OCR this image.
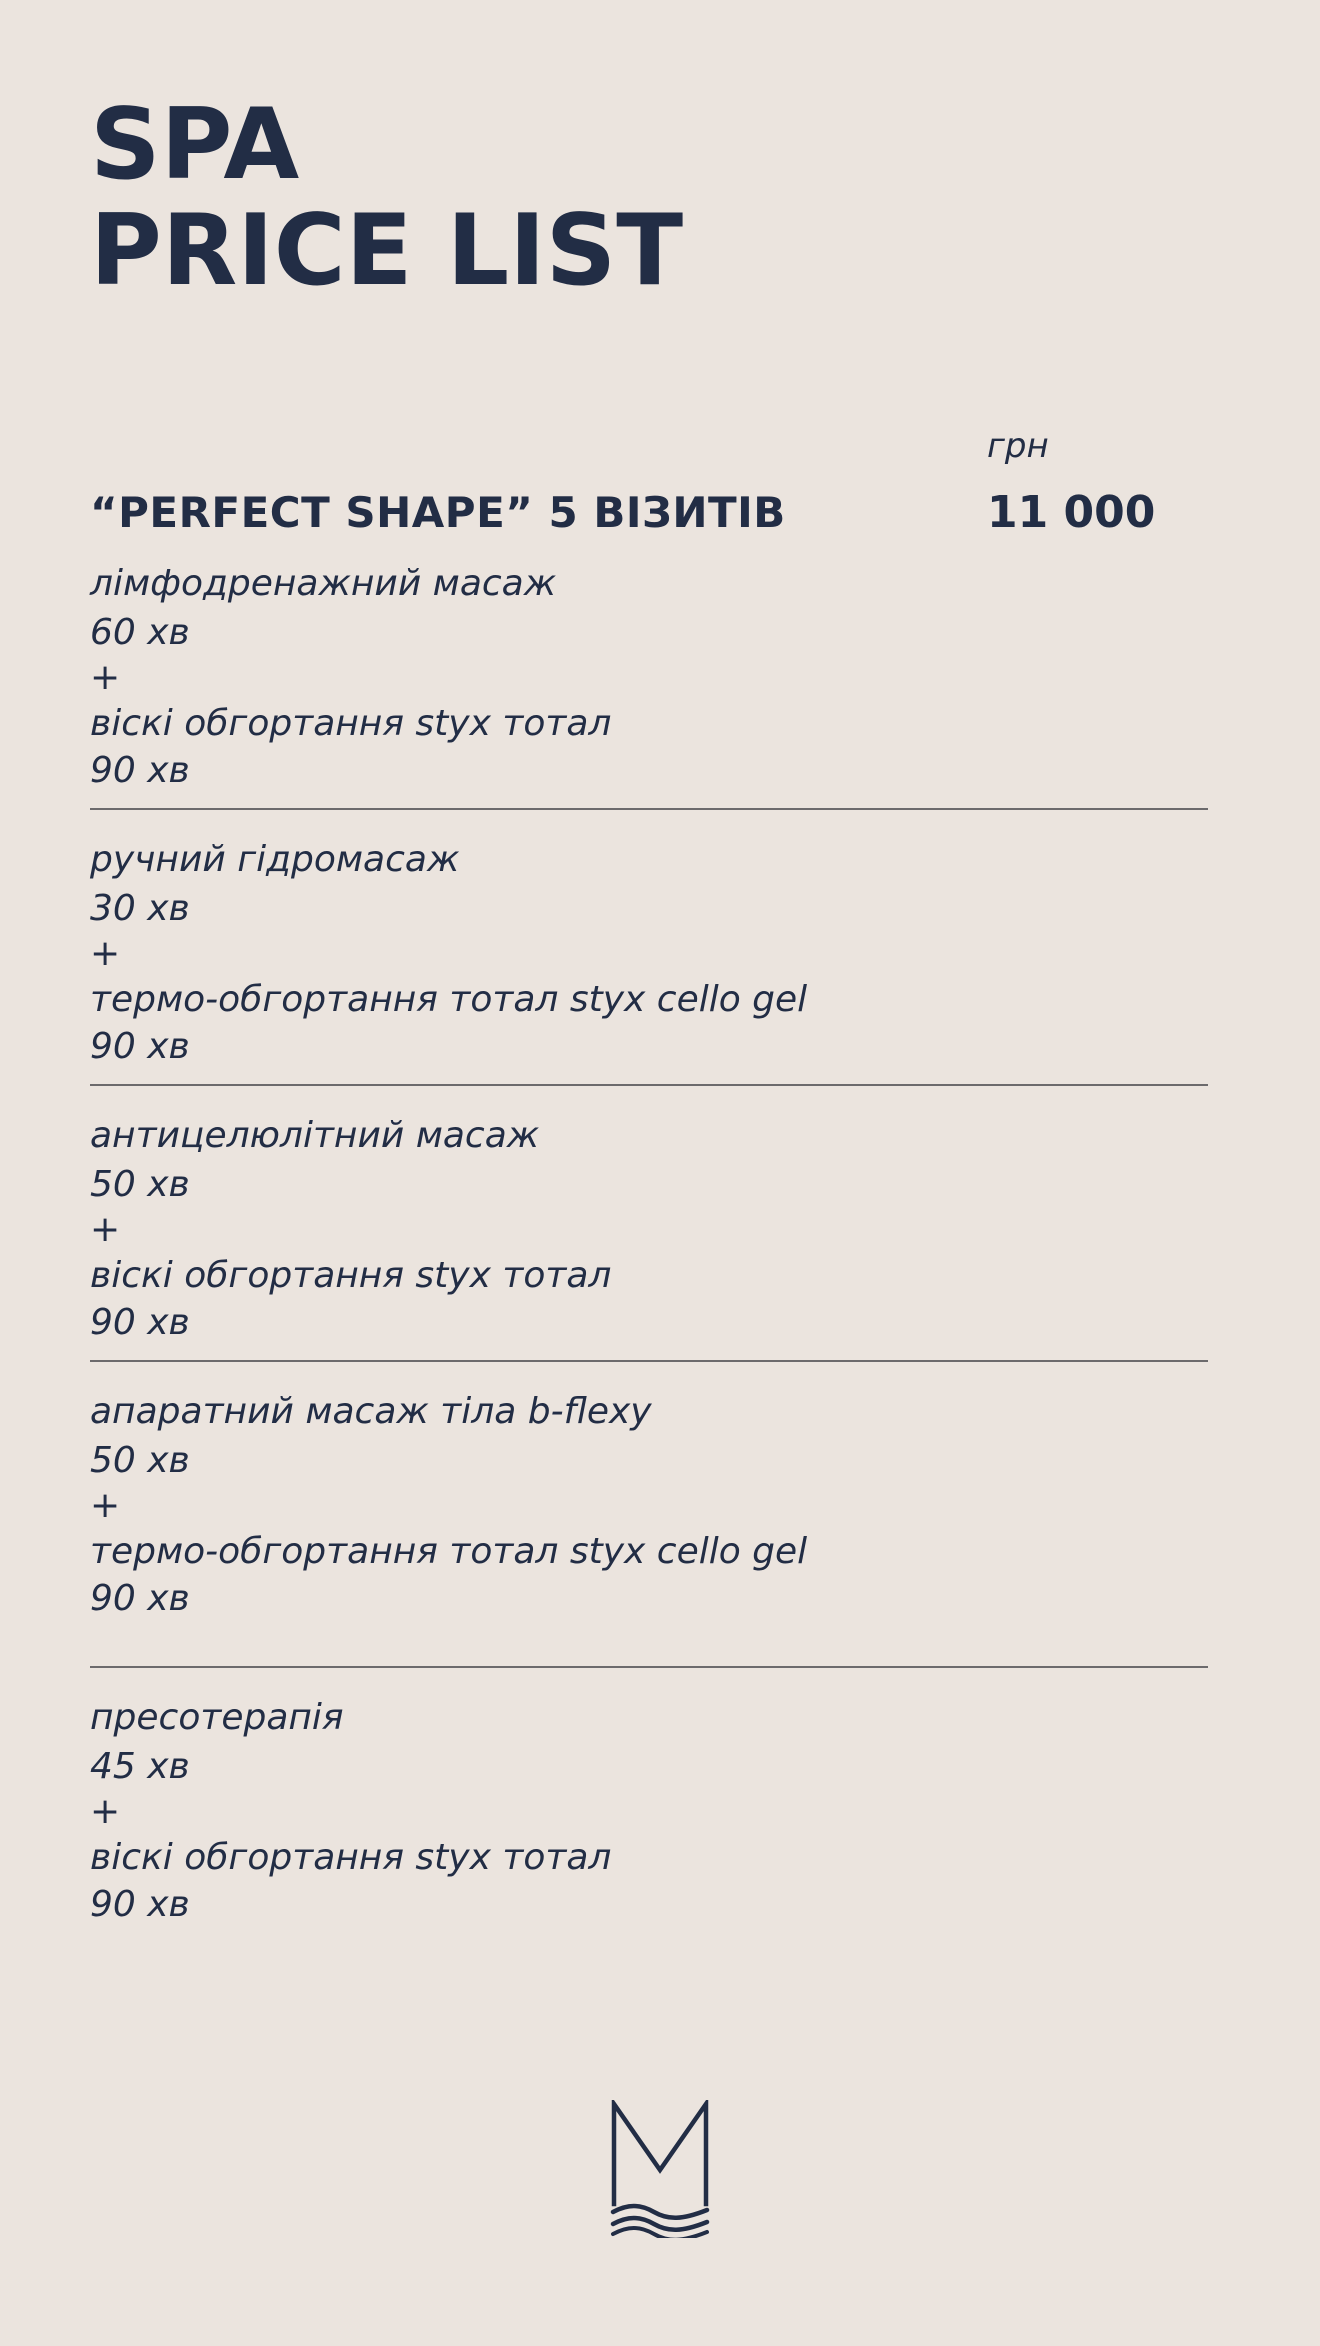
SPA
PRICE LIST
грн
“PERFECT SHAPE” 5 ВІЗИТІВ	11 000
лімфодренажний масаж
60 хв
+
віскі обгортання styx тотал
90 хв
ручний гідромасаж
30 хв
+
термо-обгортання тотал styx cello gel
90 хв
антицелюлітний масаж
50 хв
+
віскі обгортання styx тотал
90 хв
апаратний масаж тіла b-flexy
50 хв
+
термо-обгортання тотал styx cello gel
90 хв
пресотерапія
45 хв
+
віскі обгортання styx тотал
90 хв
